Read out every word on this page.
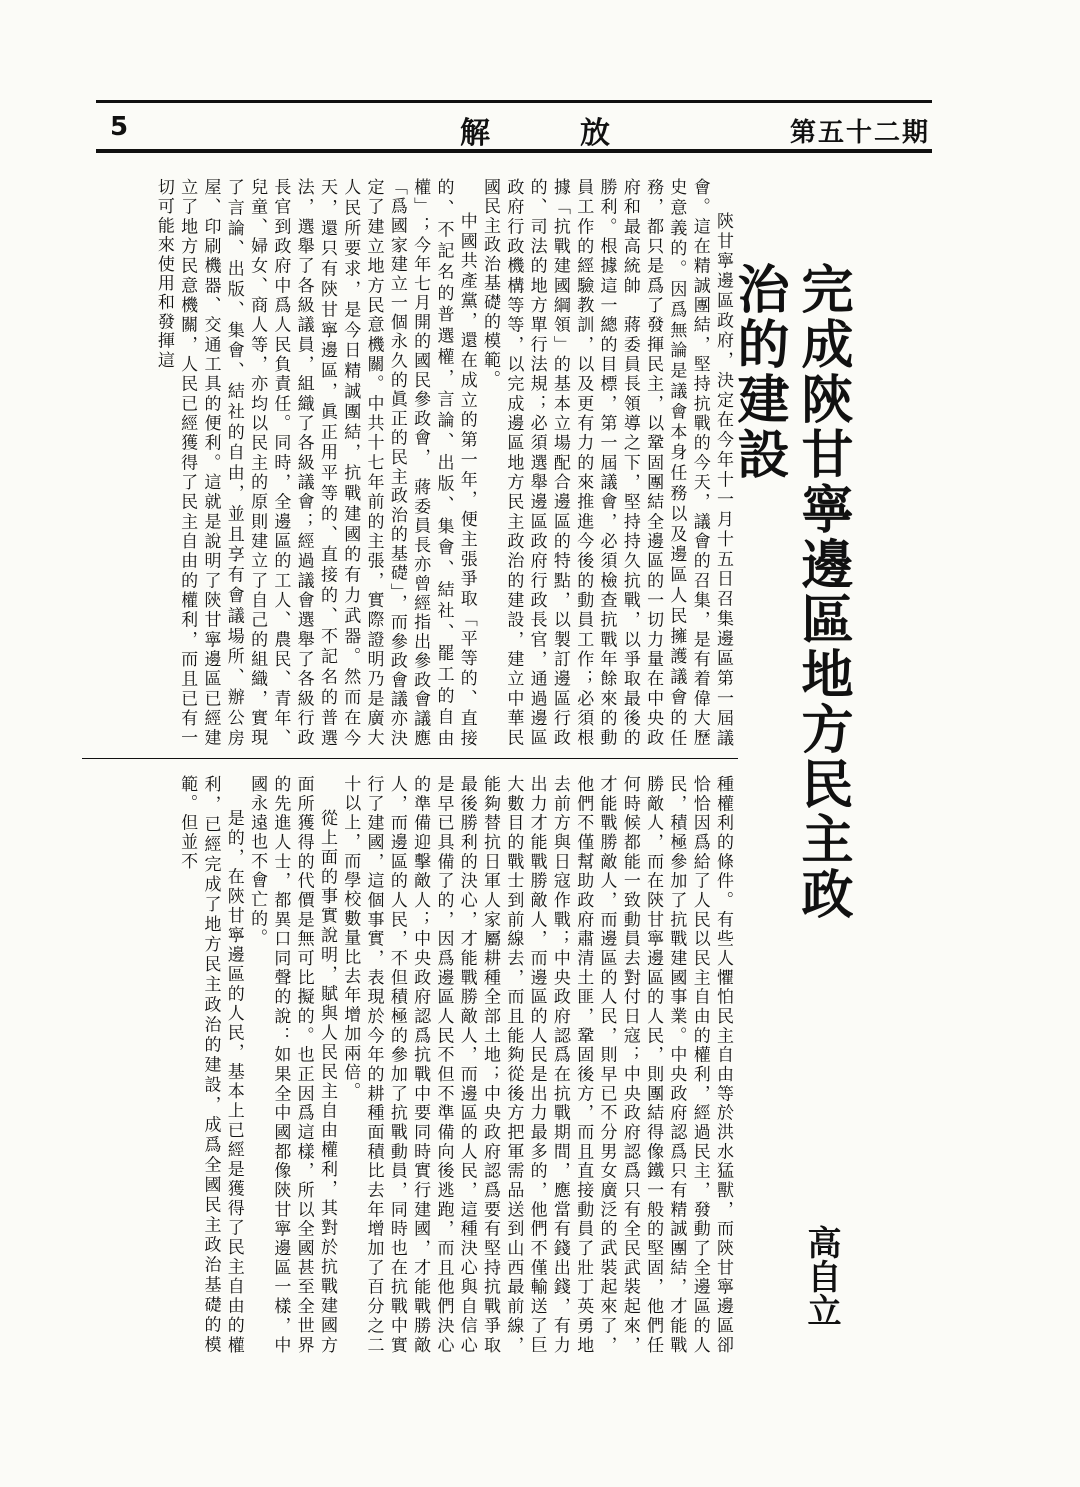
5	解　放	第五十二期
完成陝甘寧邊區地方民主政治的建設
高自立

陝甘寧邊區政府，決定在今年十一月十五日召集邊區第一屆議會。這在精誠團結，堅持抗戰的今天，議會的召集，是有着偉大歷史意義的。因爲無論是議會本身任務以及邊區人民擁護議會的任務，都只是爲了發揮民主，以鞏固團結全邊區的一切力量在中央政府和最高統帥　蔣委員長領導之下，堅持持久抗戰，以爭取最後的勝利。根據這一總的目標，第一屆議會，必須檢查抗戰年餘來的動員工作的經驗教訓，以及更有力的來推進今後的動員工作；必須根據「抗戰建國綱領」的基本立場配合邊區的特點，以製訂邊區行政的、司法的地方單行法規；必須選舉邊區政府行政長官，通過邊區政府行政機構等等，以完成邊區地方民主政治的建設，建立中華民國民主政治基礎的模範。

中國共產黨，還在成立的第一年，便主張爭取「平等的、直接的、不記名的普選權，言論、出版、集會、結社、罷工的自由權」；今年七月開的國民參政會，　蔣委員長亦曾經指出參政會議應「爲國家建立一個永久的眞正的民主政治的基礎」，而參政會議亦決定了建立地方民意機關。中共十七年前的主張，實際證明乃是廣大人民所要求，是今日精誠團結，抗戰建國的有力武器。然而在今天，還只有陝甘寧邊區，眞正用平等的、直接的、不記名的普選法，選舉了各級議員，組織了各級議會；經過議會選舉了各級行政長官到政府中爲人民負責任。同時，全邊區的工人、農民、青年、兒童、婦女、商人等，亦均以民主的原則建立了自己的組織，實現了言論、出版、集會、結社的自由，並且享有會議場所、辦公房屋、印刷機器、交通工具的便利。這就是說明了陝甘寧邊區已經建立了地方民意機關，人民已經獲得了民主自由的權利，而且已有一切可能來使用和發揮這

種權利的條件。有些人懼怕民主自由等於洪水猛獸，而陝甘寧邊區卻恰恰因爲給了人民以民主自由的權利，經過民主，發動了全邊區的人民，積極參加了抗戰建國事業。中央政府認爲只有精誠團結，才能戰勝敵人，而在陝甘寧邊區的人民，則團結得像鐵一般的堅固，他們任何時候都能一致動員去對付日寇；中央政府認爲只有全民武裝起來，才能戰勝敵人，而邊區的人民，則早已不分男女廣泛的武裝起來了，他們不僅幫助政府肅清土匪，鞏固後方，而且直接動員了壯丁英勇地去前方與日寇作戰；中央政府認爲在抗戰期間，應當有錢出錢，有力出力才能戰勝敵人，而邊區的人民是出力最多的，他們不僅輸送了巨大數目的戰士到前線去，而且能夠從後方把軍需品送到山西最前線，能夠替抗日軍人家屬耕種全部土地；中央政府認爲要有堅持抗戰爭取最後勝利的決心，才能戰勝敵人，而邊區的人民，這種決心與自信心是早已具備了的，因爲邊區人民不但不準備向後逃跑，而且他們決心的準備迎擊敵人；中央政府認爲抗戰中要同時實行建國，才能戰勝敵人，而邊區的人民，不但積極的參加了抗戰動員，同時也在抗戰中實行了建國，這個事實，表現於今年的耕種面積比去年增加了百分之二十以上，而學校數量比去年增加兩倍。

從上面的事實說明，賦與人民民主自由權利，其對於抗戰建國方面所獲得的代價是無可比擬的。也正因爲這樣，所以全國甚至全世界的先進人士，都異口同聲的說：如果全中國都像陝甘寧邊區一樣，中國永遠也不會亡的。

是的，在陝甘寧邊區的人民，基本上已經是獲得了民主自由的權利，已經完成了地方民主政治的建設，成爲全國民主政治基礎的模範。但並不
